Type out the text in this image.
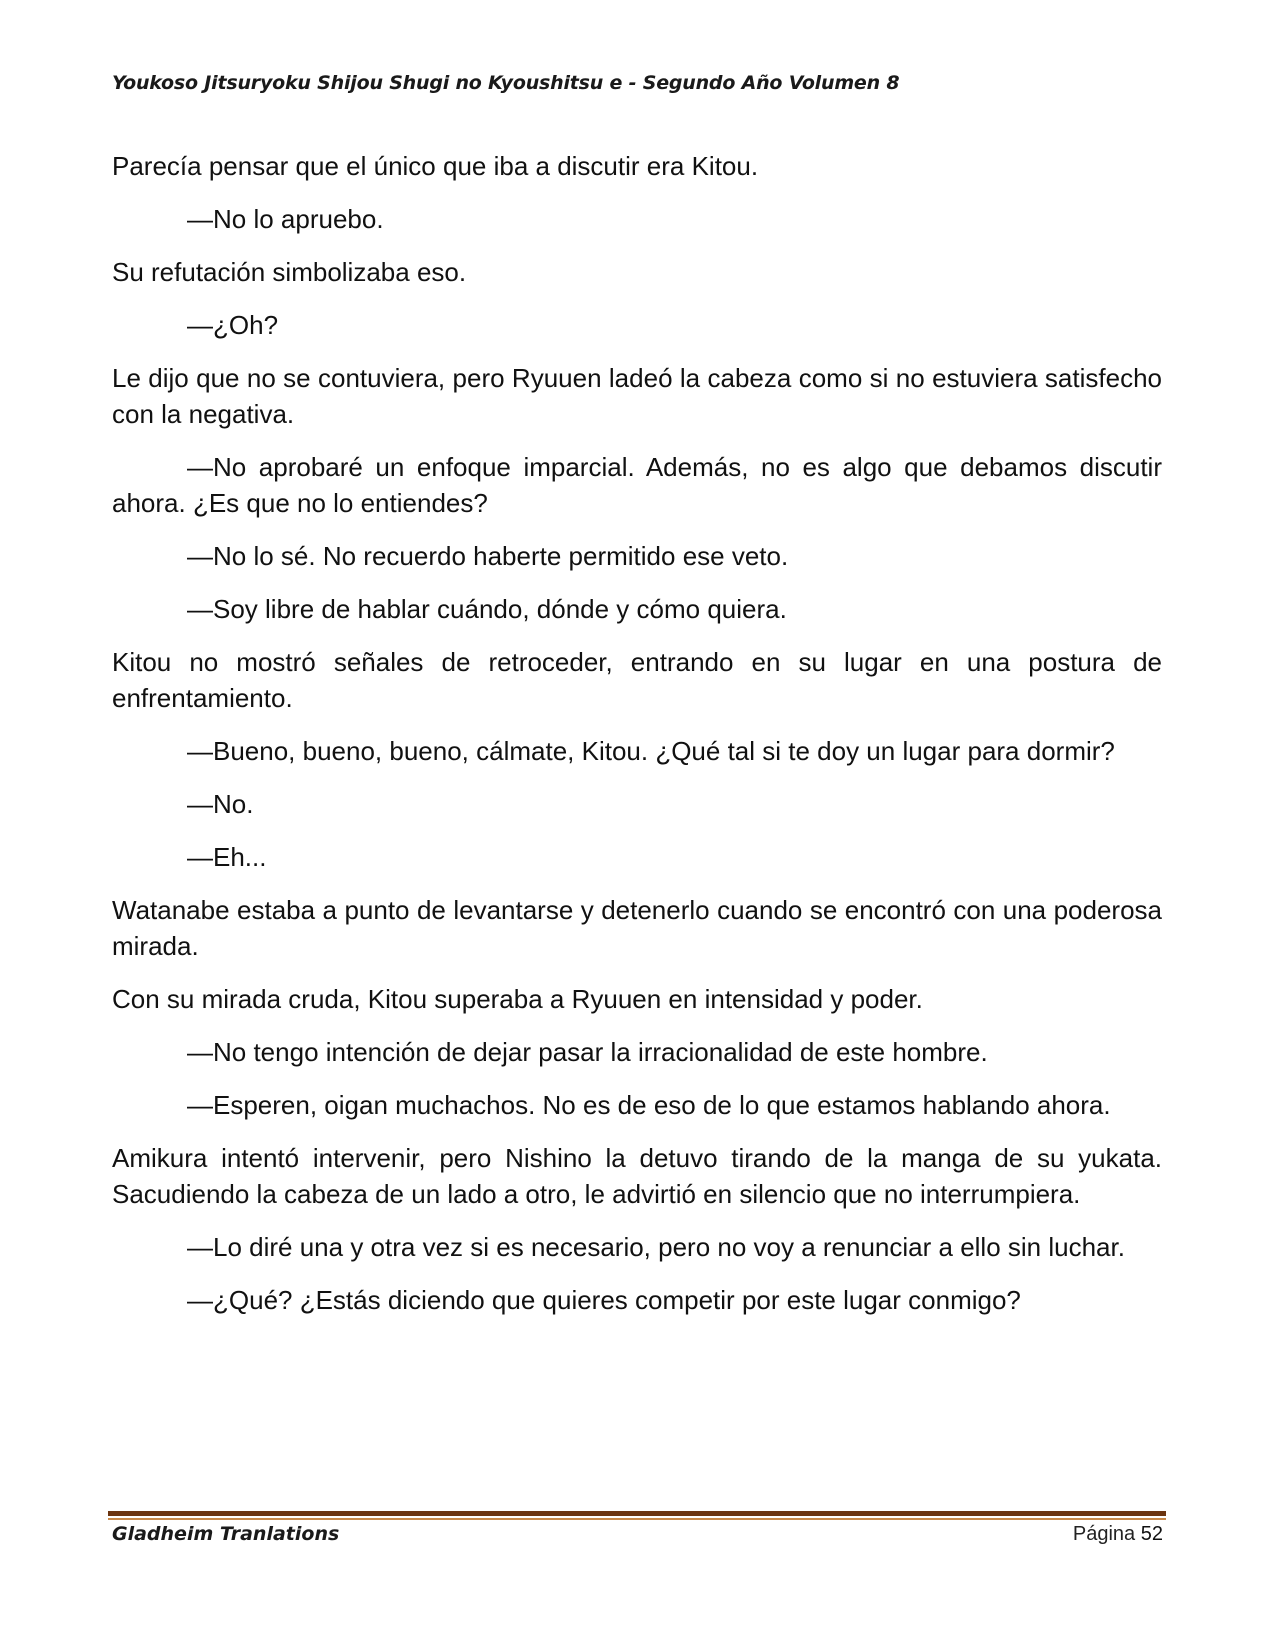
Youkoso Jitsuryoku Shijou Shugi no Kyoushitsu e - Segundo Año Volumen 8

Parecía pensar que el único que iba a discutir era Kitou.

—No lo apruebo.

Su refutación simbolizaba eso.

—¿Oh?

Le dijo que no se contuviera, pero Ryuuen ladeó la cabeza como si no estuviera satisfecho con la negativa.

—No aprobaré un enfoque imparcial. Además, no es algo que debamos discutir ahora. ¿Es que no lo entiendes?

—No lo sé. No recuerdo haberte permitido ese veto.

—Soy libre de hablar cuándo, dónde y cómo quiera.

Kitou no mostró señales de retroceder, entrando en su lugar en una postura de enfrentamiento.

—Bueno, bueno, bueno, cálmate, Kitou. ¿Qué tal si te doy un lugar para dormir?

—No.

—Eh...

Watanabe estaba a punto de levantarse y detenerlo cuando se encontró con una poderosa mirada.

Con su mirada cruda, Kitou superaba a Ryuuen en intensidad y poder.

—No tengo intención de dejar pasar la irracionalidad de este hombre.

—Esperen, oigan muchachos. No es de eso de lo que estamos hablando ahora.

Amikura intentó intervenir, pero Nishino la detuvo tirando de la manga de su yukata. Sacudiendo la cabeza de un lado a otro, le advirtió en silencio que no interrumpiera.

—Lo diré una y otra vez si es necesario, pero no voy a renunciar a ello sin luchar.

—¿Qué? ¿Estás diciendo que quieres competir por este lugar conmigo?

Gladheim Tranlations	Página 52
